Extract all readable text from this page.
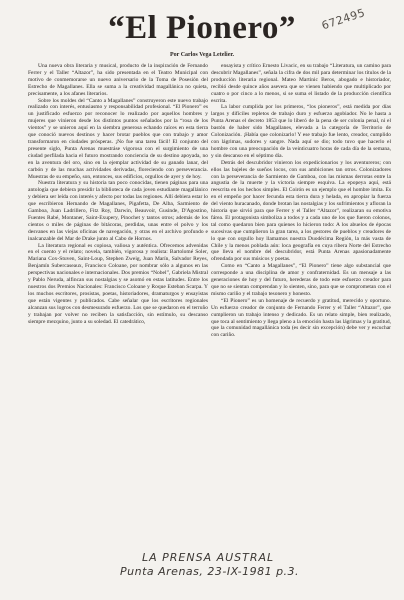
“El Pionero”	672495
Por Carlos Vega Letelier.

Una nueva obra literaria y musical, producto de la inspiración de Fernando Ferrer y el Taller “Altazor”, ha sido presentada en el Teatro Municipal con motivo de conmemorarse un nuevo aniversario de la Toma de Posesión del Estrecho de Magallanes. Ella se suma a la creatividad magallánica no quieta, precisamente, a los afanes literarios.

Sobre los moldes del “Canto a Magallanes” construyeron este nuevo trabajo realizado con interés, entusiasmo y responsabilidad profesional. “El Pionero” es un justificado esfuerzo por reconocer lo realizado por aquellos hombres y mujeres que vinieron desde los distintos puntos señalados por la “rosa de los vientos” y se unieron aquí en la siembra generosa echando raíces en esta tierra que conoció nuevos destinos y hacer brotar pueblos que con trabajo y amor transformaron en ciudades prósperas. ¡No fue una tarea fácil! El conjunto del presente siglo, Punta Arenas muestráse vigorosa con el surgimiento de una ciudad perfilada hacia el futuro mostrando conciencia de su destino apoyada, no en la aventura del oro, sino en la ejemplar actividad de su ganado lanar, del carbón y de las muchas actividades derivadas, floreciendo con perseverancia. Muestras de su empeño, son, entonces, sus edificios, orgullos de ayer y de hoy.

Nuestra literatura y su historia tan poco conocidas, tienen páginas para una antología que debiera presidir la biblioteca de cada joven estudiante magallánico y debiera ser leída con interés y afecto por todas las regiones. Allí debiera estar lo que escribieron Hernando de Magallanes, Pigafetta, De Alba, Sarmiento de Gamboa, Juan Ladrillero, Fitz Roy, Darwin, Beauvoir, Gusinde, D'Agostino, Fuentes Rabé, Montaner, Saint-Exupery, Pinochet y tantos otros; además de los cientos o miles de páginas de bitácoras, perdidas, unas entre el polvo y los desvanes en las viejas oficinas de navegación, y otras en el archivo profundo e inalcanzable del Mar de Drake junto al Cabo de Hornos.

La literatura regional es copiosa, valiosa y auténtica. Ofrecemos advenidas en el cuento y el relato; novela, también, vigorosa y realista: Bartolomé Soler, Mariana Cox-Stuven, Saint-Loup, Stephen Zweig, Juan Marín, Salvador Reyes, Benjamín Subercaseaux, Francisco Coloane, por nombrar sólo a algunos en las perspectivas nacionales e internacionales. Dos premios “Nobel”, Gabriela Mistral y Pablo Neruda, alfincan sus nostalgias y se asomó en estas latitudes. Entre los nuestros dos Premios Nacionales: Francisco Coloane y Roque Esteban Scarpa. Y los muchos escritores, prosistas, poetas, historiadores, dramaturgos y ensayistas que están vigentes y publicados. Cabe señalar que los escritores regionales alcanzan sus logros con desmesurado esfuerzo. Los que se quedaron en el terruño y trabajan por volver no reciben la satisfacción, sin estímulo, su descanso siempre mezquino, junto a su soledad. El catedrático,

ensayista y crítico Ernesto Livacic, en su trabajo “Literatura, un camino para descubrir Magallanes”, señala la cifra de dos mil para determinar los títulos de la producción literaria regional. Mateo Martinic Beros, abogado e historiador, recibió desde quince años asevera que se vienen habiendo que multiplicado por cuatro o por cinco a lo menos, si se suma el listado de la producción científica escrita.

La labor cumplida por los primeros, “los pioneros”, está medida por días largos y difíciles repletos de trabajo duro y esfuerzo agobiador. No le hasta a Punta Arenas el decreto 1853 que lo liberó de la pena de ser colonia penal, ni el bastón de haber sido Magallanes, elevada a la categoría de Territorio de Colonización. ¡Había que colonizarlo! Y ese trabajo fue lento, creador, cumplido con lágrimas, sudores y sangre. Nada aquí se dio; todo tuvo que hacerlo el hombre con una preocupación de la veinticuatro horas de cada día de la semana, y sin descanso en el séptimo día.

Detrás del descubridor vinieron los expedicionarios y los aventureros; con ellos las bajeles de sueños locos, con sus ambiciones tan otros. Colonizadores con la perseverancia de Sarmiento de Gamboa, con las mismas derrotas entre la angustia de la muerte y la victoria siempre esquiva. La epopeya aquí, está reescrita en los hechos simples. El Coirón es un ejemplo que el hombre imita. Es en el empeño por hacer fecunda esta tierra dura y helada, en apropiar la fuerza del viento huracanado, donde brotan las nostalgias y los sufrimientos y afloran la historia que sirvió para que Ferrer y el Taller “Altazor”, realizaran su emotiva fárea. El protagonista simboliza a todos y a cada uno de los que fueron colonos, tal como quedaron bien para quienes lo hicieron todo: A los abuelos de épocas sucesivas que cumplieron la gran tarea, a los gestores de pueblos y creadores de lo que con orgullo hoy llamamos nuestra Duodécima Región, la más vasta de Chile y la menos poblada aún: loca geografía en cuya ribera Norte del Estrecho que lleva el nombre del descubridor, está Punta Arenas apasionadamente ofrendada por sus músicos y poetas.

Como en “Canto a Magallanes”, “El Pionero” tiene algo substancial que corresponde a una disciplina de amor y confraternidad. Es un mensaje a las generaciones de hoy y del futuro, herederas de todo este esfuerzo creador para que no se sientan comprendan y lo sienten, sino, para que se comprometan con el mismo cariño y el trabajo tesonero y honesto.

“El Pionero” es un homenaje de recuerdo y gratitud, merecido y oportuno. Un esfuerzo creador de conjunto de Fernando Ferrer y el Taller “Altazor”, que cumplieron un trabajo intenso y dedicado. Es un relato simple, bien realizado, que toca al sentimiento y llega pleno a la emoción hasta las lágrimas y la gratitud, que la comunidad magallánica toda (es decir sin excepción) debe ver y escuchar con cariño.

LA PRENSA AUSTRAL
Punta Arenas, 23-IX-1981 p.3.
